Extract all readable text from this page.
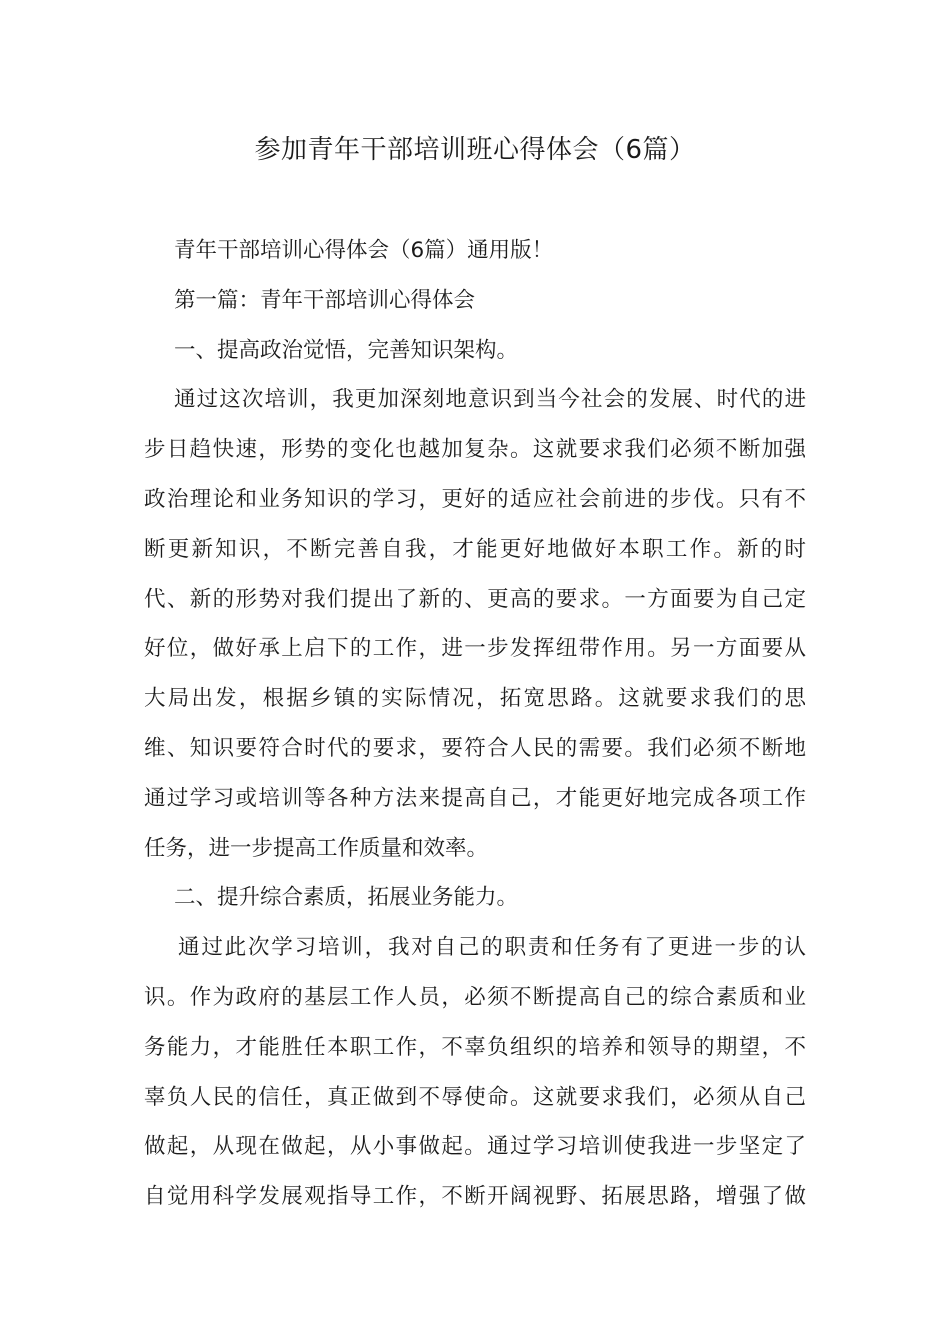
参加青年干部培训班心得体会（6篇）

青年干部培训心得体会（6篇）通用版！

第一篇：青年干部培训心得体会

一、提高政治觉悟，完善知识架构。

通过这次培训，我更加深刻地意识到当今社会的发展、时代的进

步日趋快速，形势的变化也越加复杂。这就要求我们必须不断加强

政治理论和业务知识的学习，更好的适应社会前进的步伐。只有不

断更新知识，不断完善自我，才能更好地做好本职工作。新的时

代、新的形势对我们提出了新的、更高的要求。一方面要为自己定

好位，做好承上启下的工作，进一步发挥纽带作用。另一方面要从

大局出发，根据乡镇的实际情况，拓宽思路。这就要求我们的思

维、知识要符合时代的要求，要符合人民的需要。我们必须不断地

通过学习或培训等各种方法来提高自己，才能更好地完成各项工作

任务，进一步提高工作质量和效率。

二、提升综合素质，拓展业务能力。

通过此次学习培训，我对自己的职责和任务有了更进一步的认

识。作为政府的基层工作人员，必须不断提高自己的综合素质和业

务能力，才能胜任本职工作，不辜负组织的培养和领导的期望，不

辜负人民的信任，真正做到不辱使命。这就要求我们，必须从自己

做起，从现在做起，从小事做起。通过学习培训使我进一步坚定了

自觉用科学发展观指导工作，不断开阔视野、拓展思路，增强了做
